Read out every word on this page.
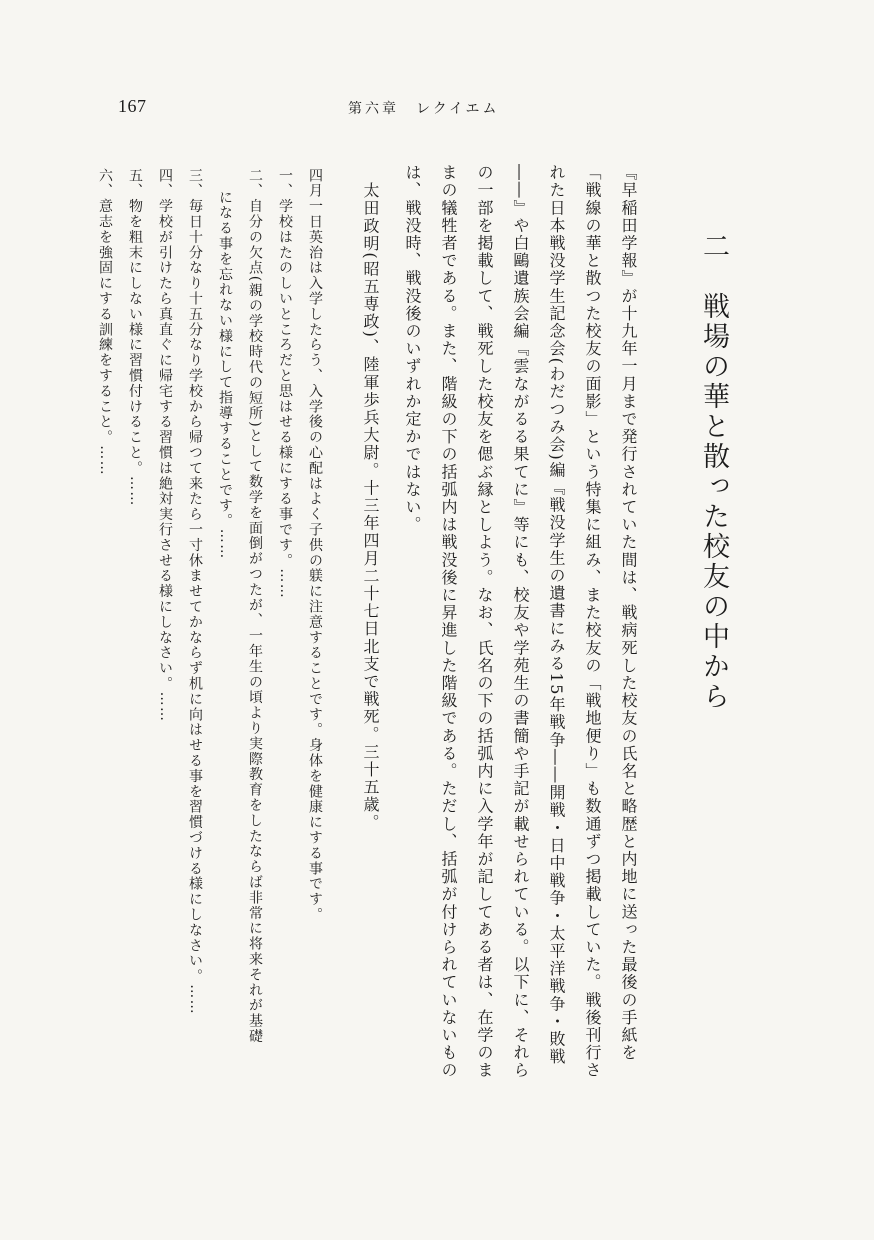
167	第六章　レクイエム
二　戦場の華と散った校友の中から
『早稲田学報』が十九年一月まで発行されていた間は、戦病死した校友の氏名と略歴と内地に送った最後の手紙を
「戦線の華と散つた校友の面影」という特集に組み、また校友の「戦地便り」も数通ずつ掲載していた。戦後刊行さ
れた日本戦没学生記念会(わだつみ会)編『戦没学生の遺書にみる15年戦争――開戦・日中戦争・太平洋戦争・敗戦
――』や白鷗遺族会編『雲ながるる果てに』等にも、校友や学苑生の書簡や手記が載せられている。以下に、それら
の一部を掲載して、戦死した校友を偲ぶ縁としよう。なお、氏名の下の括弧内に入学年が記してある者は、在学のま
まの犠牲者である。また、階級の下の括弧内は戦没後に昇進した階級である。ただし、括弧が付けられていないもの
は、戦没時、戦没後のいずれか定かではない。
太田政明(昭五専政)、陸軍歩兵大尉。十三年四月二十七日北支で戦死。三十五歳。
四月一日英治は入学したらう、入学後の心配はよく子供の躾に注意することです。身体を健康にする事です。
一、学校はたのしいところだと思はせる様にする事です。……
二、自分の欠点(親の学校時代の短所)として数学を面倒がつたが、一年生の頃より実際教育をしたならば非常に将来それが基礎
になる事を忘れない様にして指導することです。……
三、毎日十分なり十五分なり学校から帰つて来たら一寸休ませてかならず机に向はせる事を習慣づける様にしなさい。……
四、学校が引けたら真直ぐに帰宅する習慣は絶対実行させる様にしなさい。……
五、物を粗末にしない様に習慣付けること。……
六、意志を強固にする訓練をすること。……
